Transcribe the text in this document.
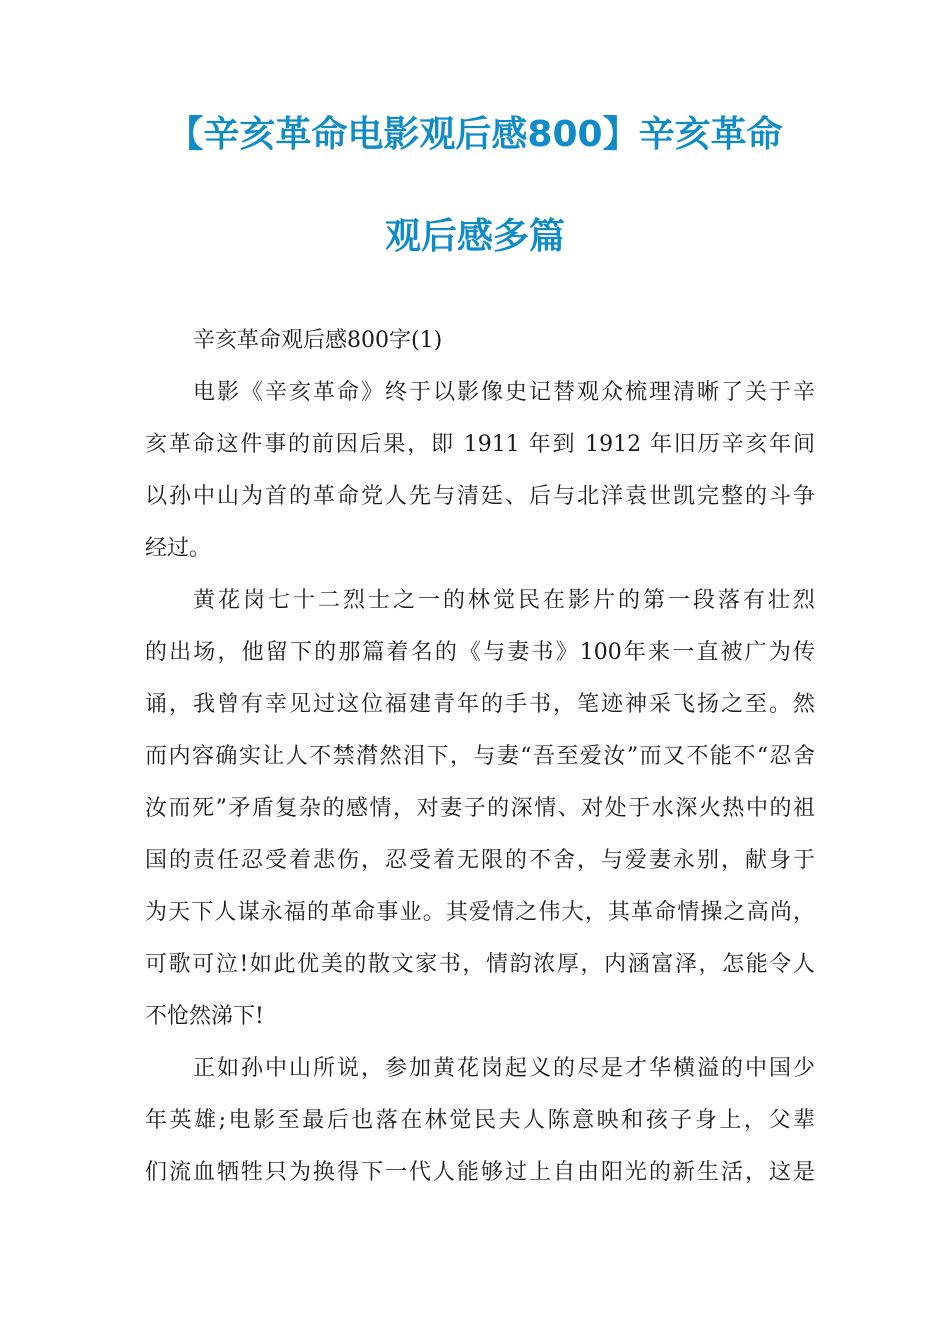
【辛亥革命电影观后感800】辛亥革命
观后感多篇
辛亥革命观后感800字(1)
电影《辛亥革命》终于以影像史记替观众梳理清晰了关于辛
亥革命这件事的前因后果，即 1911 年到 1912 年旧历辛亥年间
以孙中山为首的革命党人先与清廷、后与北洋袁世凯完整的斗争
经过。
黄花岗七十二烈士之一的林觉民在影片的第一段落有壮烈
的出场，他留下的那篇着名的《与妻书》100年来一直被广为传
诵，我曾有幸见过这位福建青年的手书，笔迹神采飞扬之至。然
而内容确实让人不禁潸然泪下，与妻“吾至爱汝”而又不能不“忍舍
汝而死”矛盾复杂的感情，对妻子的深情、对处于水深火热中的祖
国的责任忍受着悲伤，忍受着无限的不舍，与爱妻永别，献身于
为天下人谋永福的革命事业。其爱情之伟大，其革命情操之高尚，
可歌可泣!如此优美的散文家书，情韵浓厚，内涵富泽，怎能令人
不怆然涕下!
正如孙中山所说，参加黄花岗起义的尽是才华横溢的中国少
年英雄;电影至最后也落在林觉民夫人陈意映和孩子身上，父辈
们流血牺牲只为换得下一代人能够过上自由阳光的新生活，这是
